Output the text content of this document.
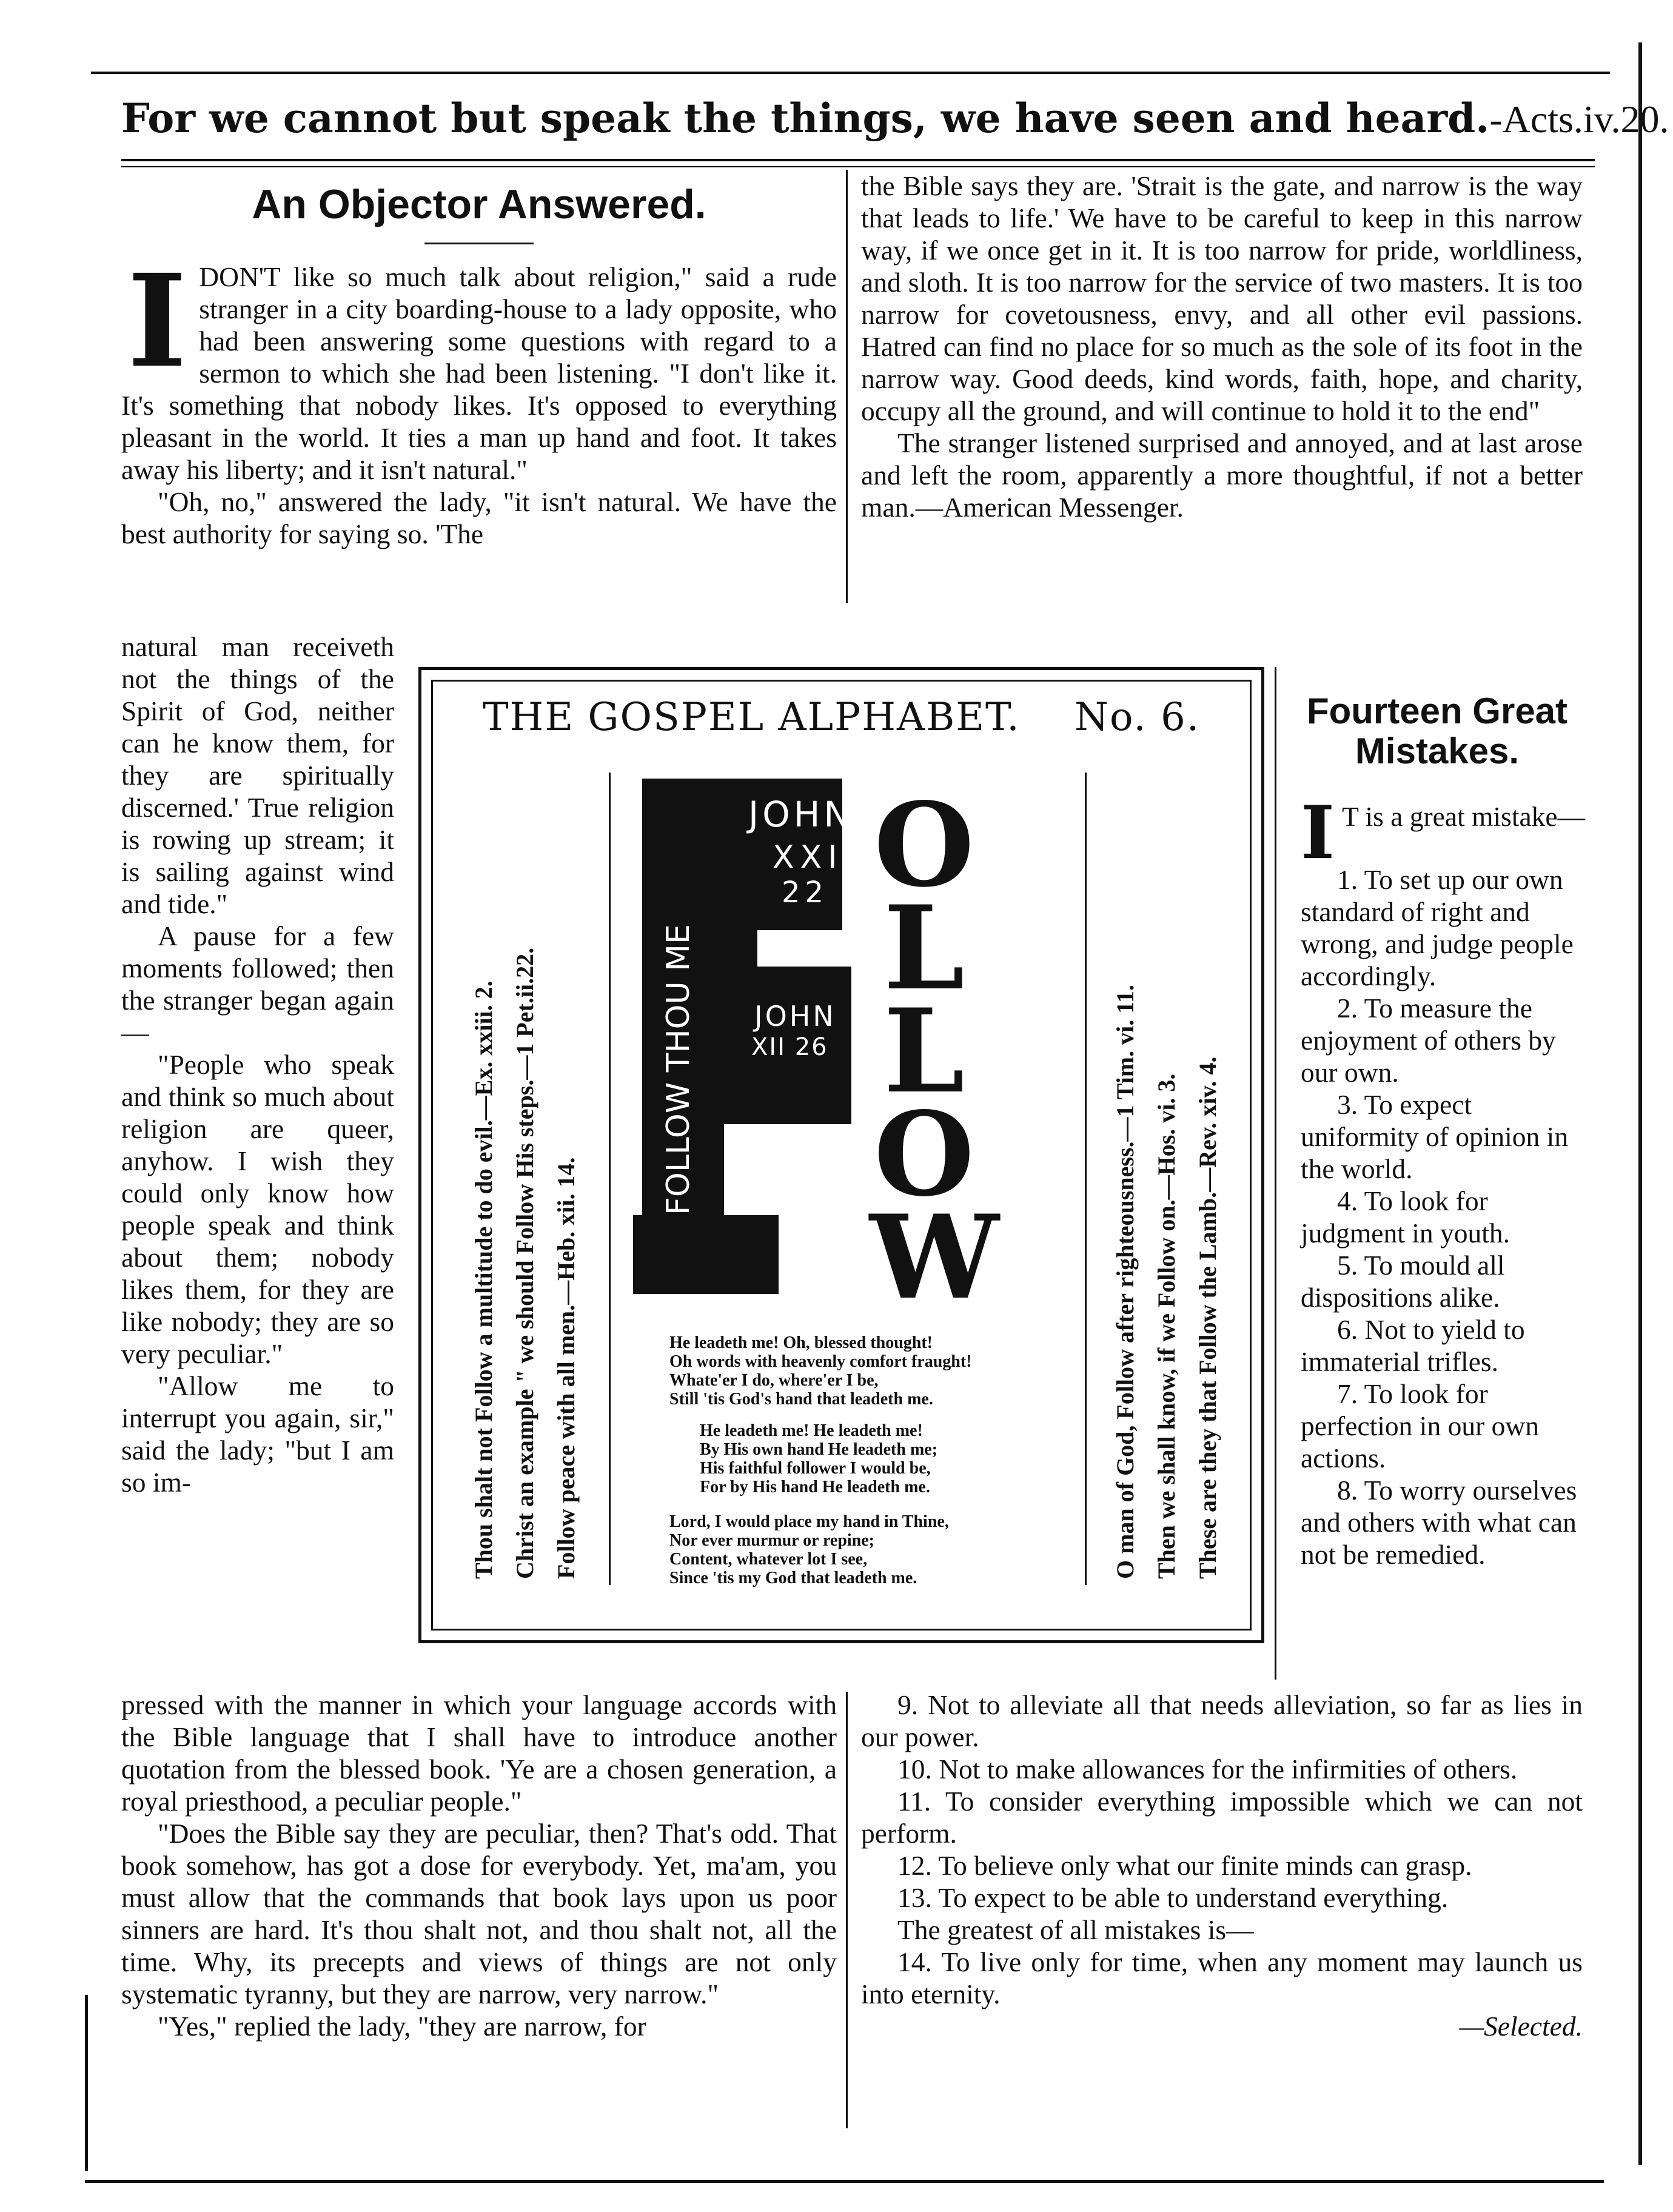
For we cannot but speak the things, we have seen and heard.-Acts.iv.20.
An Objector Answered.
I DON'T like so much talk about religion," said a rude stranger in a city boarding-house to a lady opposite, who had been answering some questions with regard to a sermon to which she had been listening. "I don't like it. It's something that nobody likes. It's opposed to everything pleasant in the world. It ties a man up hand and foot. It takes away his liberty; and it isn't natural."

"Oh, no," answered the lady, "it isn't natural. We have the best authority for saying so. 'The

natural man receiveth not the things of the Spirit of God, neither can he know them, for they are spiritually discerned.' True religion is rowing up stream; it is sailing against wind and tide."

A pause for a few moments followed; then the stranger began again—

"People who speak and think so much about religion are queer, anyhow. I wish they could only know how people speak and think about them; nobody likes them, for they are like nobody; they are so very peculiar."

"Allow me to interrupt you again, sir," said the lady; "but I am so im-

pressed with the manner in which your language accords with the Bible language that I shall have to introduce another quotation from the blessed book. 'Ye are a chosen generation, a royal priesthood, a peculiar people."

"Does the Bible say they are peculiar, then? That's odd. That book somehow, has got a dose for everybody. Yet, ma'am, you must allow that the commands that book lays upon us poor sinners are hard. It's thou shalt not, and thou shalt not, all the time. Why, its precepts and views of things are not only systematic tyranny, but they are narrow, very narrow."

"Yes," replied the lady, "they are narrow, for

the Bible says they are. 'Strait is the gate, and narrow is the way that leads to life.' We have to be careful to keep in this narrow way, if we once get in it. It is too narrow for pride, worldliness, and sloth. It is too narrow for the service of two masters. It is too narrow for covetousness, envy, and all other evil passions. Hatred can find no place for so much as the sole of its foot in the narrow way. Good deeds, kind words, faith, hope, and charity, occupy all the ground, and will continue to hold it to the end"

The stranger listened surprised and annoyed, and at last arose and left the room, apparently a more thoughtful, if not a better man.—American Messenger.

THE GOSPEL ALPHABET. No. 6.
Thou shalt not Follow a multitude to do evil.—Ex. xxiii. 2. Christ an example " we should Follow His steps.—1 Pet.ii.22. Follow peace with all men.—Heb. xii. 14.	O man of God, Follow after righteousness.—1 Tim. vi. 11. Then we shall know, if we Follow on.—Hos. vi. 3. These are they that Follow the Lamb.—Rev. xiv. 4.
JOHN
XXI
22
JOHN
XII 26
FOLLOW THOU ME
O
L
L
O
W
He leadeth me! Oh, blessed thought!
Oh words with heavenly comfort fraught!
Whate'er I do, where'er I be,
Still 'tis God's hand that leadeth me.
He leadeth me! He leadeth me!
By His own hand He leadeth me;
His faithful follower I would be,
For by His hand He leadeth me.
Lord, I would place my hand in Thine,
Nor ever murmur or repine;
Content, whatever lot I see,
Since 'tis my God that leadeth me.
Fourteen Great
Mistakes.
I T is a great mistake—

1. To set up our own standard of right and wrong, and judge people accordingly.

2. To measure the enjoyment of others by our own.

3. To expect uniformity of opinion in the world.

4. To look for judgment in youth.

5. To mould all dispositions alike.

6. Not to yield to immaterial trifles.

7. To look for perfection in our own actions.

8. To worry ourselves and others with what can not be remedied.

9. Not to alleviate all that needs alleviation, so far as lies in our power.

10. Not to make allowances for the infirmities of others.

11. To consider everything impossible which we can not perform.

12. To believe only what our finite minds can grasp.

13. To expect to be able to understand everything.

The greatest of all mistakes is—

14. To live only for time, when any moment may launch us into eternity.

—Selected.
